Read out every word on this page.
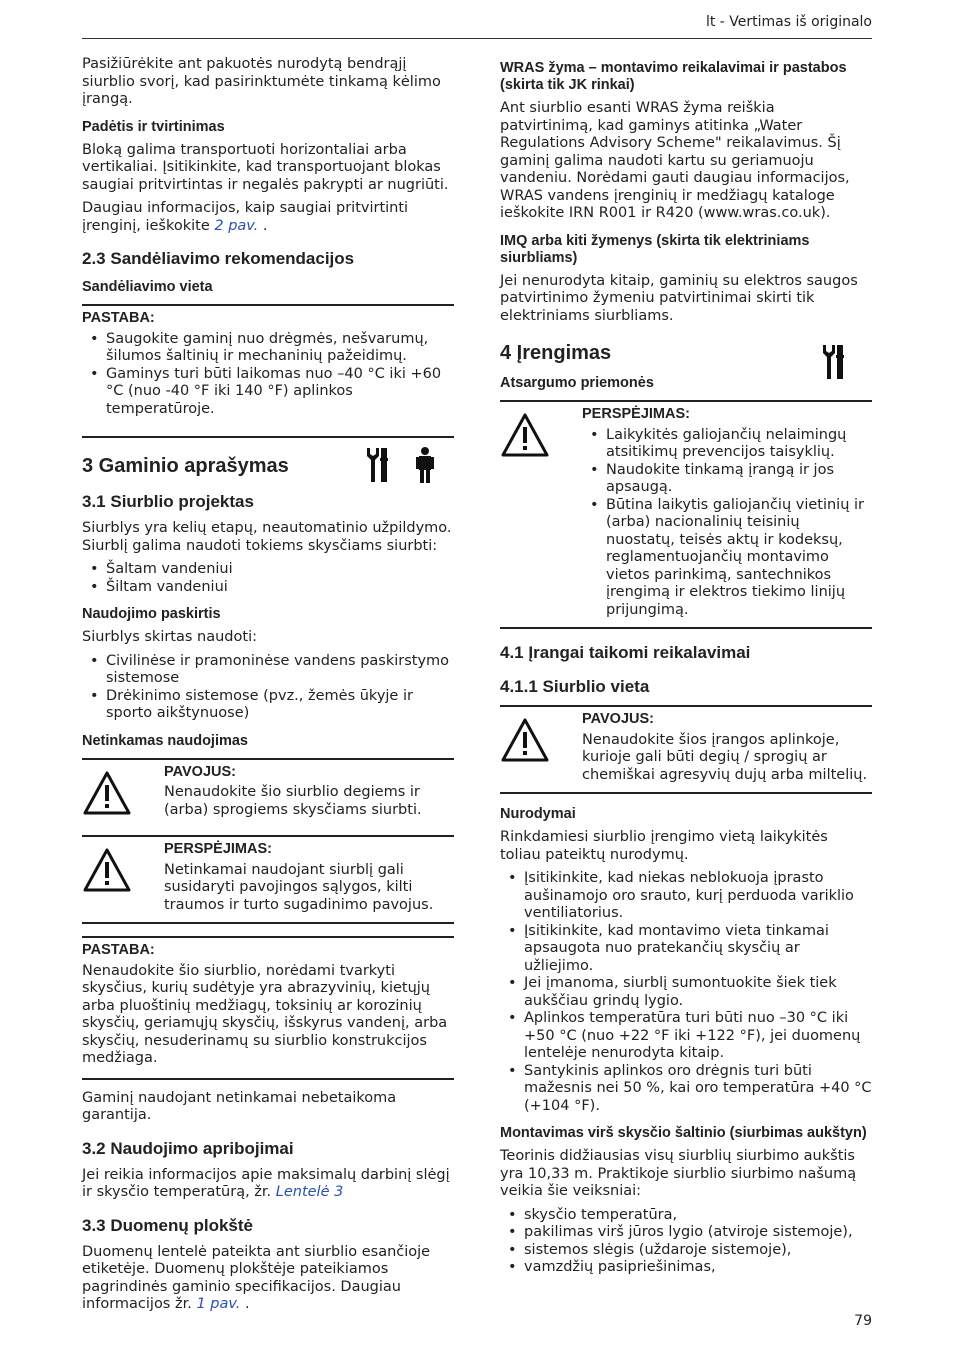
lt - Vertimas iš originalo

Pasižiūrėkite ant pakuotės nurodytą bendrąjį siurblio svorį, kad pasirinktumėte tinkamą kėlimo įrangą.

Padėtis ir tvirtinimas

Bloką galima transportuoti horizontaliai arba vertikaliai. Įsitikinkite, kad transportuojant blokas saugiai pritvirtintas ir negalės pakrypti ar nugriūti.

Daugiau informacijos, kaip saugiai pritvirtinti įrenginį, ieškokite 2 pav. .

2.3 Sandėliavimo rekomendacijos
Sandėliavimo vieta
PASTABA:
• Saugokite gaminį nuo drėgmės, nešvarumų, šilumos šaltinių ir mechaninių pažeidimų.
• Gaminys turi būti laikomas nuo –40 °C iki +60 °C (nuo -40 °F iki 140 °F) aplinkos temperatūroje.
3 Gaminio aprašymas
3.1 Siurblio projektas

Siurblys yra kelių etapų, neautomatinio užpildymo. Siurblį galima naudoti tokiems skysčiams siurbti:

• Šaltam vandeniui
• Šiltam vandeniui
Naudojimo paskirtis

Siurblys skirtas naudoti:

• Civilinėse ir pramoninėse vandens paskirstymo sistemose
• Drėkinimo sistemose (pvz., žemės ūkyje ir sporto aikštynuose)
Netinkamas naudojimas
PAVOJUS:
Nenaudokite šio siurblio degiems ir (arba) sprogiems skysčiams siurbti.
PERSPĖJIMAS:
Netinkamai naudojant siurblį gali susidaryti pavojingos sąlygos, kilti traumos ir turto sugadinimo pavojus.
PASTABA:
Nenaudokite šio siurblio, norėdami tvarkyti skysčius, kurių sudėtyje yra abrazyvinių, kietųjų arba pluoštinių medžiagų, toksinių ar korozinių skysčių, geriamųjų skysčių, išskyrus vandenį, arba skysčių, nesuderinamų su siurblio konstrukcijos medžiaga.

Gaminį naudojant netinkamai nebetaikoma garantija.

3.2 Naudojimo apribojimai

Jei reikia informacijos apie maksimalų darbinį slėgį ir skysčio temperatūrą, žr. Lentelė 3

3.3 Duomenų plokštė

Duomenų lentelė pateikta ant siurblio esančioje etiketėje. Duomenų plokštėje pateikiamos pagrindinės gaminio specifikacijos. Daugiau informacijos žr. 1 pav. .

WRAS žyma – montavimo reikalavimai ir pastabos (skirta tik JK rinkai)

Ant siurblio esanti WRAS žyma reiškia patvirtinimą, kad gaminys atitinka „Water Regulations Advisory Scheme" reikalavimus. Šį gaminį galima naudoti kartu su geriamuoju vandeniu. Norėdami gauti daugiau informacijos, WRAS vandens įrenginių ir medžiagų kataloge ieškokite IRN R001 ir R420 (www.wras.co.uk).

IMQ arba kiti žymenys (skirta tik elektriniams siurbliams)

Jei nenurodyta kitaip, gaminių su elektros saugos patvirtinimo žymeniu patvirtinimai skirti tik elektriniams siurbliams.

4 Įrengimas
Atsargumo priemonės
PERSPĖJIMAS:
• Laikykitės galiojančių nelaimingų atsitikimų prevencijos taisyklių.
• Naudokite tinkamą įrangą ir jos apsaugą.
• Būtina laikytis galiojančių vietinių ir (arba) nacionalinių teisinių nuostatų, teisės aktų ir kodeksų, reglamentuojančių montavimo vietos parinkimą, santechnikos įrengimą ir elektros tiekimo linijų prijungimą.
4.1 Įrangai taikomi reikalavimai
4.1.1 Siurblio vieta
PAVOJUS:
Nenaudokite šios įrangos aplinkoje, kurioje gali būti degių / sprogių ar chemiškai agresyvių dujų arba miltelių.
Nurodymai

Rinkdamiesi siurblio įrengimo vietą laikykitės toliau pateiktų nurodymų.

• Įsitikinkite, kad niekas neblokuoja įprasto aušinamojo oro srauto, kurį perduoda variklio ventiliatorius.
• Įsitikinkite, kad montavimo vieta tinkamai apsaugota nuo pratekančių skysčių ar užliejimo.
• Jei įmanoma, siurblį sumontuokite šiek tiek aukščiau grindų lygio.
• Aplinkos temperatūra turi būti nuo –30 °C iki +50 °C (nuo +22 °F iki +122 °F), jei duomenų lentelėje nenurodyta kitaip.
• Santykinis aplinkos oro drėgnis turi būti mažesnis nei 50 %, kai oro temperatūra +40 °C (+104 °F).
Montavimas virš skysčio šaltinio (siurbimas aukštyn)

Teorinis didžiausias visų siurblių siurbimo aukštis yra 10,33 m. Praktikoje siurblio siurbimo našumą veikia šie veiksniai:

• skysčio temperatūra,
• pakilimas virš jūros lygio (atviroje sistemoje),
• sistemos slėgis (uždaroje sistemoje),
• vamzdžių pasipriešinimas,
79
